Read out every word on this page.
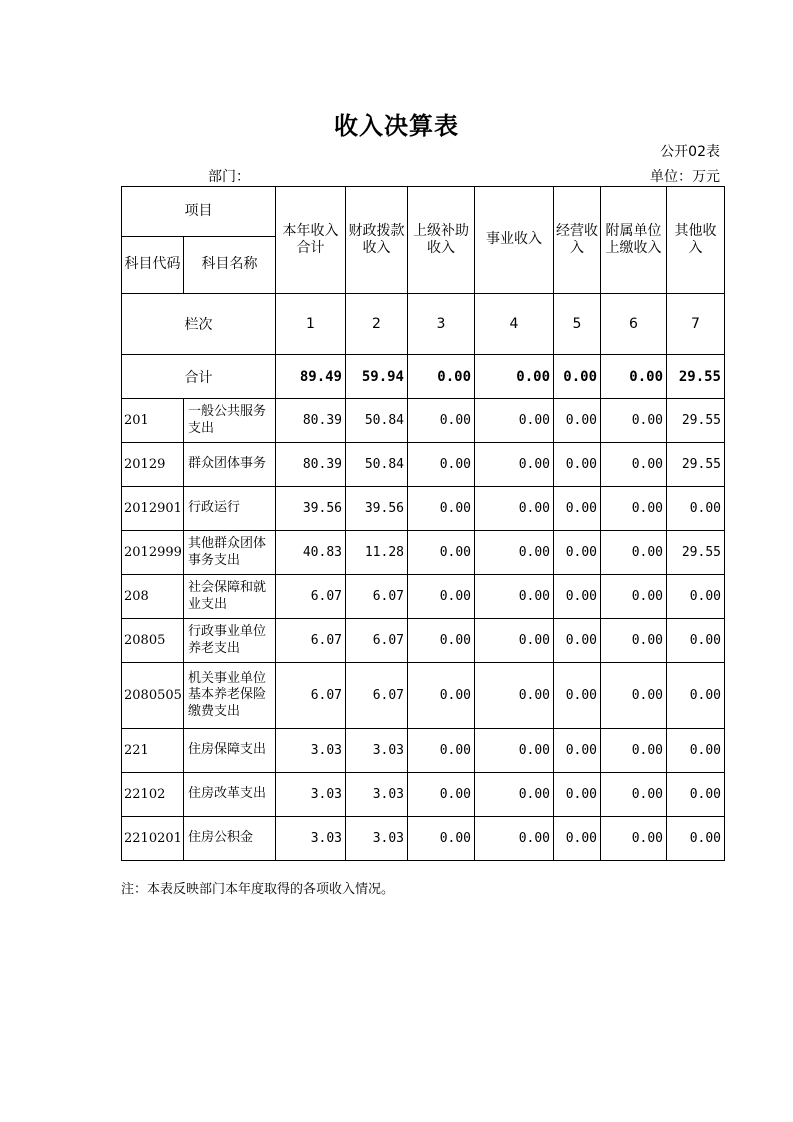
收入决算表
公开02表
部门：	单位：万元
项目		本年收入合计	财政拨款收入	上级补助收入	事业收入	经营收入	附属单位上缴收入	其他收入
科目代码	科目名称							
栏次		1	2	3	4	5	6	7
合计		89.49	59.94	0.00	0.00	0.00	0.00	29.55
201	一般公共服务支出	80.39	50.84	0.00	0.00	0.00	0.00	29.55
20129	群众团体事务	80.39	50.84	0.00	0.00	0.00	0.00	29.55
2012901	行政运行	39.56	39.56	0.00	0.00	0.00	0.00	0.00
2012999	其他群众团体事务支出	40.83	11.28	0.00	0.00	0.00	0.00	29.55
208	社会保障和就业支出	6.07	6.07	0.00	0.00	0.00	0.00	0.00
20805	行政事业单位养老支出	6.07	6.07	0.00	0.00	0.00	0.00	0.00
2080505	机关事业单位基本养老保险缴费支出	6.07	6.07	0.00	0.00	0.00	0.00	0.00
221	住房保障支出	3.03	3.03	0.00	0.00	0.00	0.00	0.00
22102	住房改革支出	3.03	3.03	0.00	0.00	0.00	0.00	0.00
2210201	住房公积金	3.03	3.03	0.00	0.00	0.00	0.00	0.00
注：本表反映部门本年度取得的各项收入情况。
